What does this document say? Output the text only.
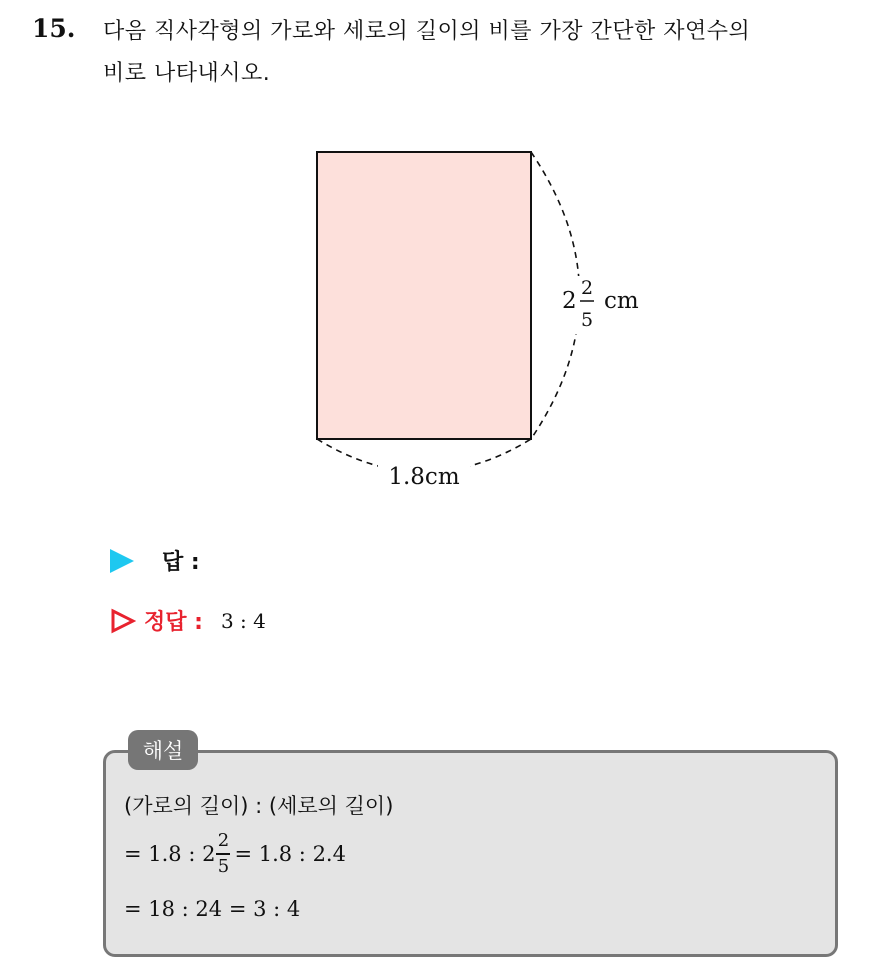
15. 다음 직사각형의 가로와 세로의 길이의 비를 가장 간단한 자연수의
비로 나타내시오.
1.8cm
2 2
5
cm
답 :
정답 : 3 : 4
해설
(가로의 길이) : (세로의 길이)
= 1.8 : $2 \frac{2}{5} = 1.8$ : 2.4
= 18 : 24 = 3 : 4
